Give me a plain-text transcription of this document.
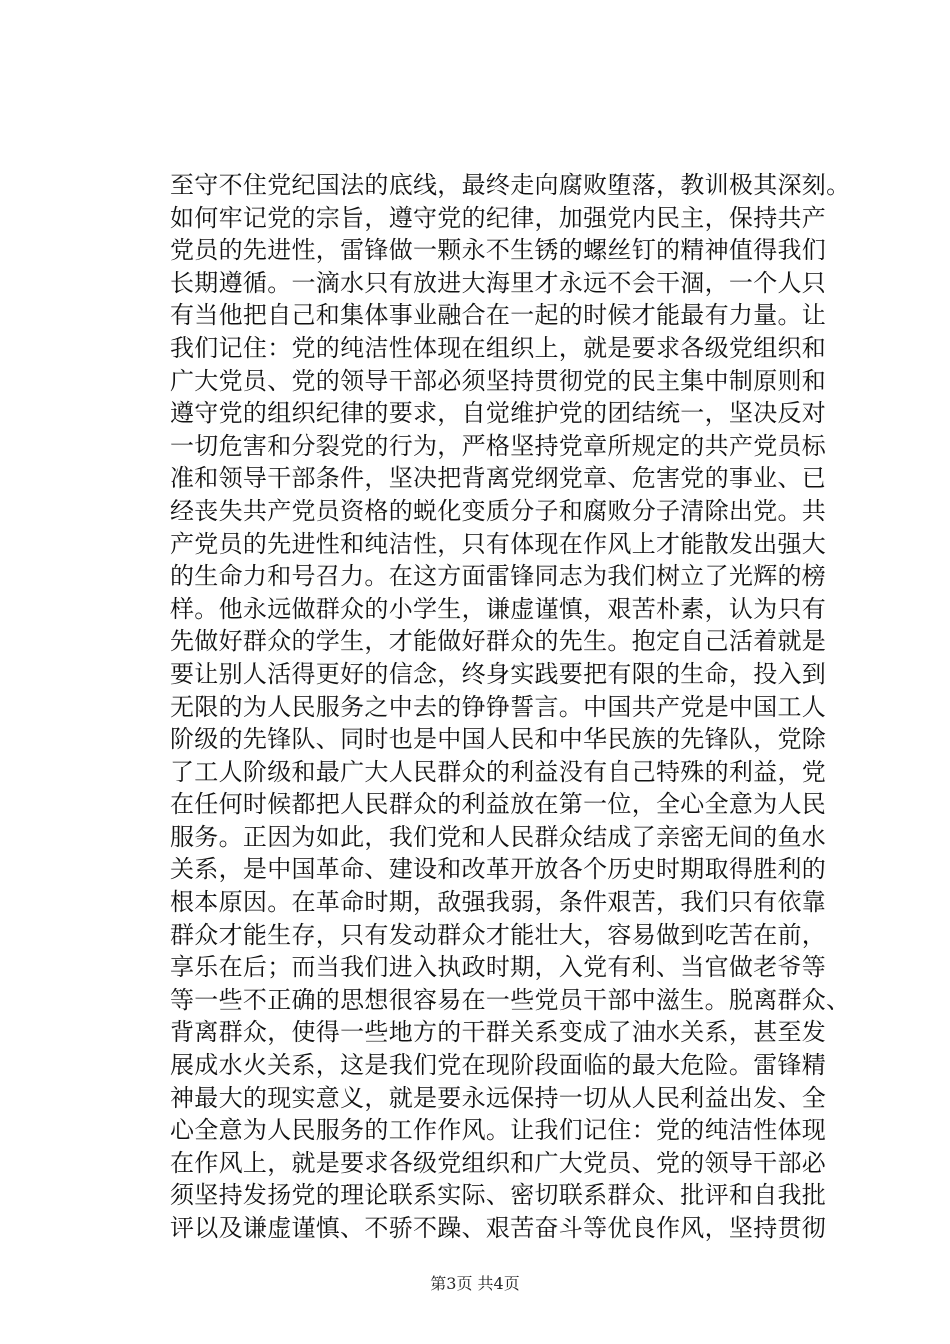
至守不住党纪国法的底线，最终走向腐败堕落，教训极其深刻。
如何牢记党的宗旨，遵守党的纪律，加强党内民主，保持共产
党员的先进性，雷锋做一颗永不生锈的螺丝钉的精神值得我们
长期遵循。一滴水只有放进大海里才永远不会干涸，一个人只
有当他把自己和集体事业融合在一起的时候才能最有力量。让
我们记住：党的纯洁性体现在组织上，就是要求各级党组织和
广大党员、党的领导干部必须坚持贯彻党的民主集中制原则和
遵守党的组织纪律的要求，自觉维护党的团结统一，坚决反对
一切危害和分裂党的行为，严格坚持党章所规定的共产党员标
准和领导干部条件，坚决把背离党纲党章、危害党的事业、已
经丧失共产党员资格的蜕化变质分子和腐败分子清除出党。共
产党员的先进性和纯洁性，只有体现在作风上才能散发出强大
的生命力和号召力。在这方面雷锋同志为我们树立了光辉的榜
样。他永远做群众的小学生，谦虚谨慎，艰苦朴素，认为只有
先做好群众的学生，才能做好群众的先生。抱定自己活着就是
要让别人活得更好的信念，终身实践要把有限的生命，投入到
无限的为人民服务之中去的铮铮誓言。中国共产党是中国工人
阶级的先锋队、同时也是中国人民和中华民族的先锋队，党除
了工人阶级和最广大人民群众的利益没有自己特殊的利益，党
在任何时候都把人民群众的利益放在第一位，全心全意为人民
服务。正因为如此，我们党和人民群众结成了亲密无间的鱼水
关系，是中国革命、建设和改革开放各个历史时期取得胜利的
根本原因。在革命时期，敌强我弱，条件艰苦，我们只有依靠
群众才能生存，只有发动群众才能壮大，容易做到吃苦在前，
享乐在后；而当我们进入执政时期，入党有利、当官做老爷等
等一些不正确的思想很容易在一些党员干部中滋生。脱离群众、
背离群众，使得一些地方的干群关系变成了油水关系，甚至发
展成水火关系，这是我们党在现阶段面临的最大危险。雷锋精
神最大的现实意义，就是要永远保持一切从人民利益出发、全
心全意为人民服务的工作作风。让我们记住：党的纯洁性体现
在作风上，就是要求各级党组织和广大党员、党的领导干部必
须坚持发扬党的理论联系实际、密切联系群众、批评和自我批
评以及谦虚谨慎、不骄不躁、艰苦奋斗等优良作风，坚持贯彻
第3页 共4页
